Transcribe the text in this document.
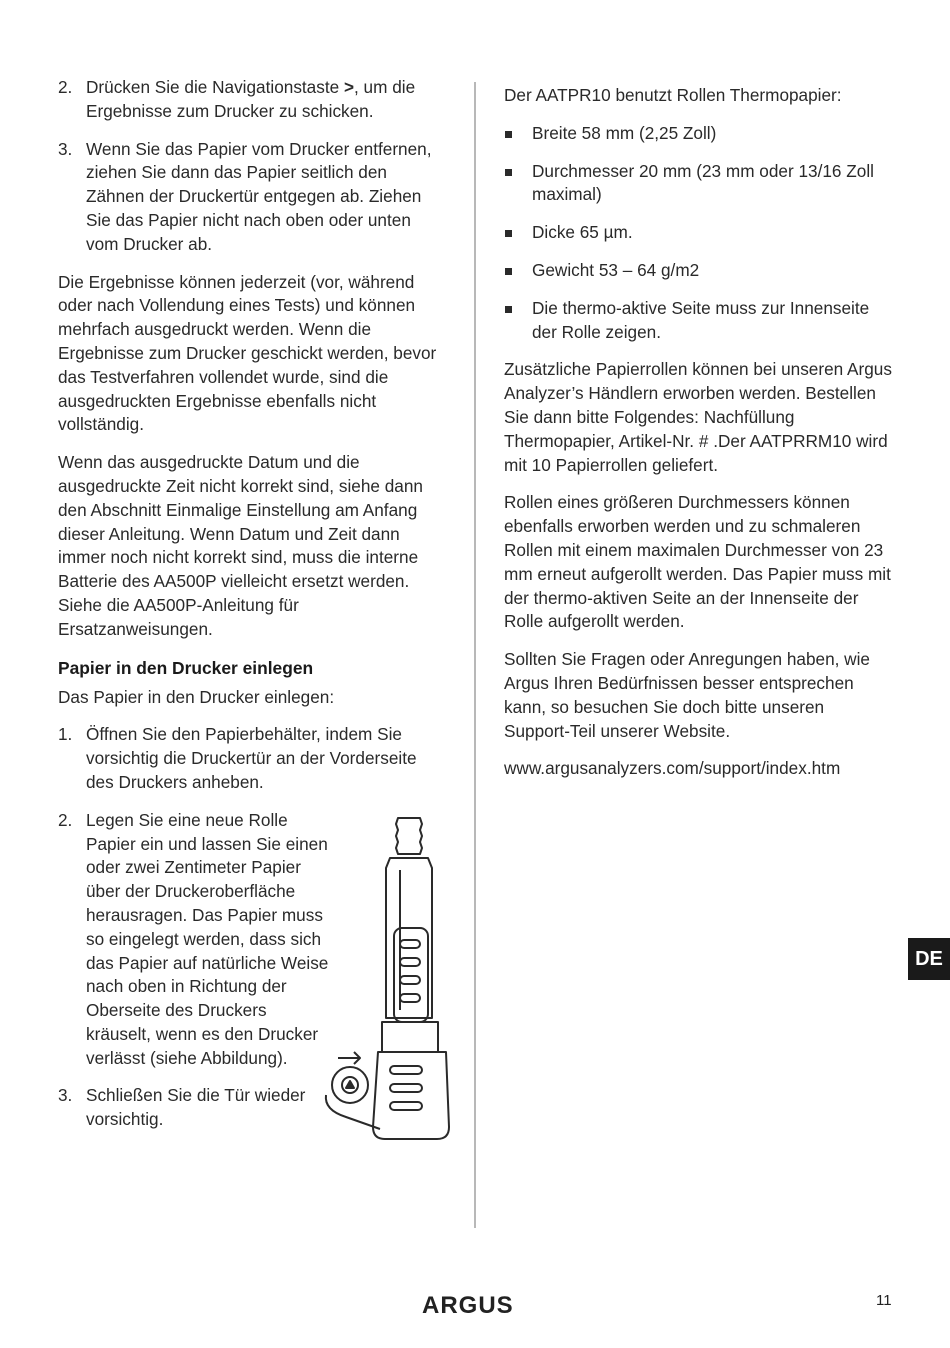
2. Drücken Sie die Navigationstaste >, um die Ergebnisse zum Drucker zu schicken.
3. Wenn Sie das Papier vom Drucker entfernen, ziehen Sie dann das Papier seitlich den Zähnen der Druckertür entgegen ab. Ziehen Sie das Papier nicht nach oben oder unten vom Drucker ab.

Die Ergebnisse können jederzeit (vor, während oder nach Vollendung eines Tests) und können mehrfach ausgedruckt werden. Wenn die Ergebnisse zum Drucker geschickt werden, bevor das Testverfahren vollendet wurde, sind die ausgedruckten Ergebnisse ebenfalls nicht vollständig.

Wenn das ausgedruckte Datum und die ausgedruckte Zeit nicht korrekt sind, siehe dann den Abschnitt Einmalige Einstellung am Anfang dieser Anleitung. Wenn Datum und Zeit dann immer noch nicht korrekt sind, muss die interne Batterie des AA500P vielleicht ersetzt werden. Siehe die AA500P-Anleitung für Ersatzanweisungen.

Papier in den Drucker einlegen

Das Papier in den Drucker einlegen:

1. Öffnen Sie den Papierbehälter, indem Sie vorsichtig die Druckertür an der Vorderseite des Druckers anheben.
2. Legen Sie eine neue Rolle Papier ein und lassen Sie einen oder zwei Zentimeter Papier über der Druckeroberfläche herausragen. Das Papier muss so eingelegt werden, dass sich das Papier auf natürliche Weise nach oben in Richtung der Oberseite des Druckers kräuselt, wenn es den Drucker verlässt (siehe Abbildung).
3. Schließen Sie die Tür wieder vorsichtig.

Der AATPR10 benutzt Rollen Thermopapier:

Breite 58 mm (2,25 Zoll)
Durchmesser 20 mm (23 mm oder 13/16 Zoll maximal)
Dicke 65 µm.
Gewicht 53 – 64 g/m2
Die thermo-aktive Seite muss zur Innenseite der Rolle zeigen.

Zusätzliche Papierrollen können bei unseren Argus Analyzer’s Händlern erworben werden. Bestellen Sie dann bitte Folgendes: Nachfüllung Thermopapier, Artikel-Nr. # .Der AATPRRM10 wird mit 10 Papierrollen geliefert.

Rollen eines größeren Durchmessers können ebenfalls erworben werden und zu schmaleren Rollen mit einem maximalen Durchmesser von 23 mm erneut aufgerollt werden. Das Papier muss mit der thermo-aktiven Seite an der Innenseite der Rolle aufgerollt werden.

Sollten Sie Fragen oder Anregungen haben, wie Argus Ihren Bedürfnissen besser entsprechen kann, so besuchen Sie doch bitte unseren Support-Teil unserer Website.

www.argusanalyzers.com/support/index.htm

DE
ARGUS	11
